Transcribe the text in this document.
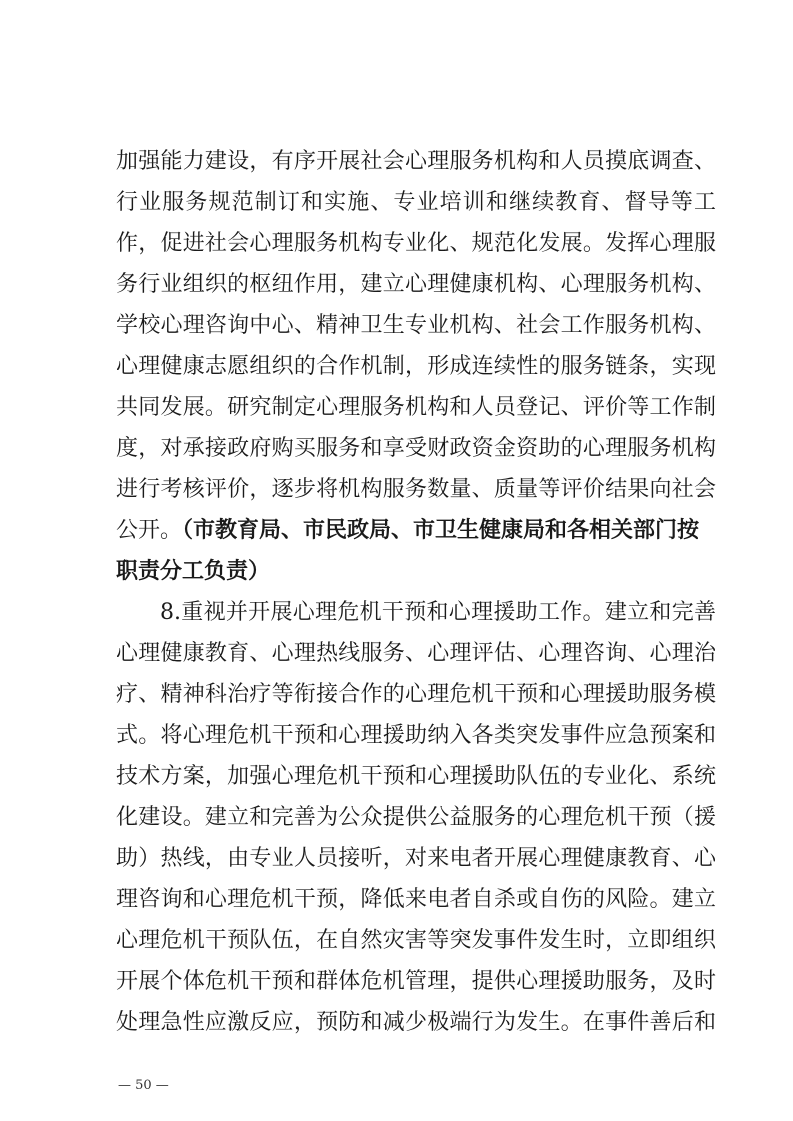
加强能力建设，有序开展社会心理服务机构和人员摸底调查、
行业服务规范制订和实施、专业培训和继续教育、督导等工
作，促进社会心理服务机构专业化、规范化发展。发挥心理服
务行业组织的枢纽作用，建立心理健康机构、心理服务机构、
学校心理咨询中心、精神卫生专业机构、社会工作服务机构、
心理健康志愿组织的合作机制，形成连续性的服务链条，实现
共同发展。研究制定心理服务机构和人员登记、评价等工作制
度，对承接政府购买服务和享受财政资金资助的心理服务机构
进行考核评价，逐步将机构服务数量、质量等评价结果向社会
公开。（市教育局、市民政局、市卫生健康局和各相关部门按
职责分工负责）
8.重视并开展心理危机干预和心理援助工作。建立和完善
心理健康教育、心理热线服务、心理评估、心理咨询、心理治
疗、精神科治疗等衔接合作的心理危机干预和心理援助服务模
式。将心理危机干预和心理援助纳入各类突发事件应急预案和
技术方案，加强心理危机干预和心理援助队伍的专业化、系统
化建设。建立和完善为公众提供公益服务的心理危机干预（援
助）热线，由专业人员接听，对来电者开展心理健康教育、心
理咨询和心理危机干预，降低来电者自杀或自伤的风险。建立
心理危机干预队伍，在自然灾害等突发事件发生时，立即组织
开展个体危机干预和群体危机管理，提供心理援助服务，及时
处理急性应激反应，预防和减少极端行为发生。在事件善后和
— 50 —
